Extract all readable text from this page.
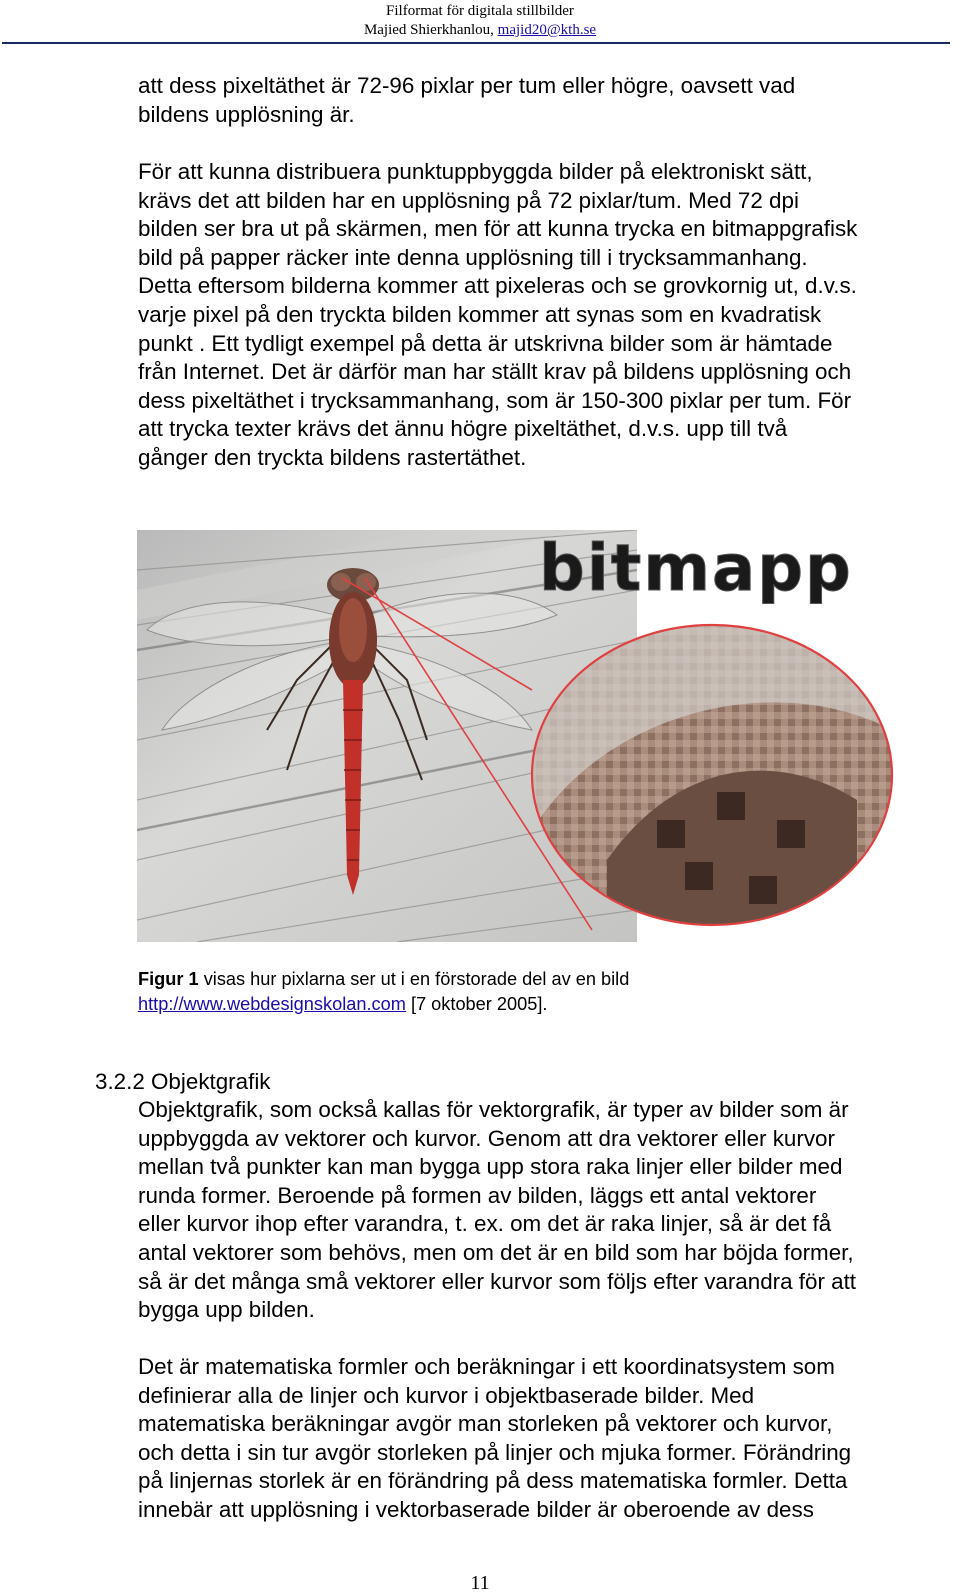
Filformat för digitala stillbilder
Majied Shierkhanlou, majid20@kth.se

att dess pixeltäthet är 72-96 pixlar per tum eller högre, oavsett vad

bildens upplösning är.

För att kunna distribuera punktuppbyggda bilder på elektroniskt sätt,

krävs det att bilden har en upplösning på 72 pixlar/tum. Med 72 dpi

bilden ser bra ut på skärmen, men för att kunna trycka en bitmappgrafisk

bild på papper räcker inte denna upplösning till i trycksammanhang.

Detta eftersom bilderna kommer att pixeleras och se grovkornig ut, d.v.s.

varje pixel på den tryckta bilden kommer att synas som en kvadratisk

punkt . Ett tydligt exempel på detta är utskrivna bilder som är hämtade

från Internet. Det är därför man har ställt krav på bildens upplösning och

dess pixeltäthet i trycksammanhang, som är 150-300 pixlar per tum. För

att trycka texter krävs det ännu högre pixeltäthet, d.v.s. upp till två

gånger den tryckta bildens rastertäthet.

bitmapp

Figur 1 visas hur pixlarna ser ut i en förstorade del av en bild

http://www.webdesignskolan.com [7 oktober 2005].

3.2.2 Objektgrafik

Objektgrafik, som också kallas för vektorgrafik, är typer av bilder som är

uppbyggda av vektorer och kurvor. Genom att dra vektorer eller kurvor

mellan två punkter kan man bygga upp stora raka linjer eller bilder med

runda former. Beroende på formen av bilden, läggs ett antal vektorer

eller kurvor ihop efter varandra, t. ex. om det är raka linjer, så är det få

antal vektorer som behövs, men om det är en bild som har böjda former,

så är det många små vektorer eller kurvor som följs efter varandra för att

bygga upp bilden.

Det är matematiska formler och beräkningar i ett koordinatsystem som

definierar alla de linjer och kurvor i objektbaserade bilder. Med

matematiska beräkningar avgör man storleken på vektorer och kurvor,

och detta i sin tur avgör storleken på linjer och mjuka former. Förändring

på linjernas storlek är en förändring på dess matematiska formler. Detta

innebär att upplösning i vektorbaserade bilder är oberoende av dess

11
